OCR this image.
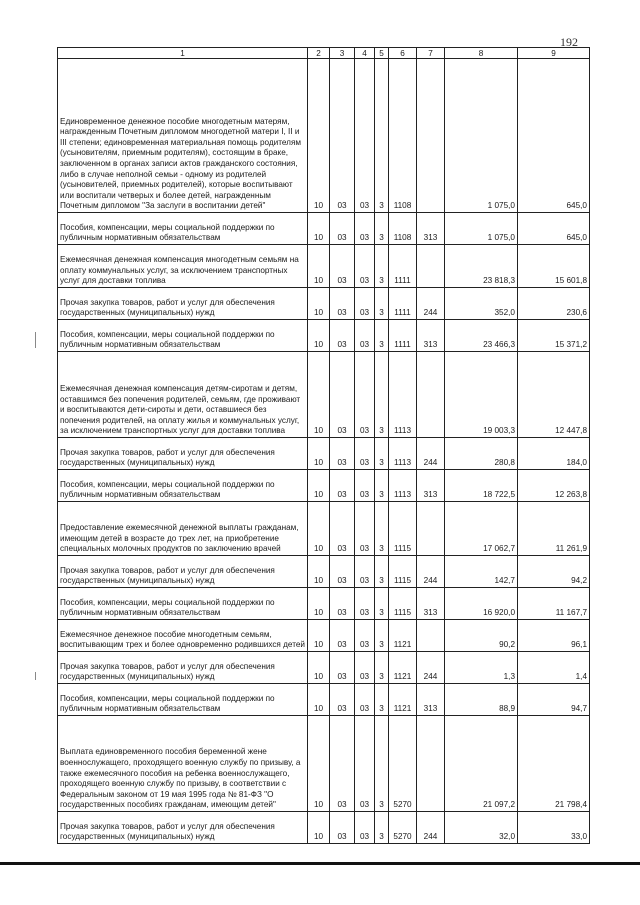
192
1	2	3	4	5	6	7	8	9
Единовременное денежное пособие многодетным матерям, награжденным Почетным дипломом многодетной матери I, II и III степени; единовременная материальная помощь родителям (усыновителям, приемным родителям), состоящим в браке, заключенном в органах записи актов гражданского состояния, либо в случае неполной семьи - одному из родителей (усыновителей, приемных родителей), которые воспитывают или воспитали четверых и более детей, награжденным Почетным дипломом "За заслуги в воспитании детей"	10	03	03	3	1108		1 075,0	645,0
Пособия, компенсации, меры социальной поддержки по публичным нормативным обязательствам	10	03	03	3	1108	313	1 075,0	645,0
Ежемесячная денежная компенсация многодетным семьям на оплату коммунальных услуг, за исключением транспортных услуг для доставки топлива	10	03	03	3	1111		23 818,3	15 601,8
Прочая закупка товаров, работ и услуг для обеспечения государственных (муниципальных) нужд	10	03	03	3	1111	244	352,0	230,6
Пособия, компенсации, меры социальной поддержки по публичным нормативным обязательствам	10	03	03	3	1111	313	23 466,3	15 371,2
Ежемесячная денежная компенсация детям-сиротам и детям, оставшимся без попечения родителей, семьям, где проживают и воспитываются дети-сироты и дети, оставшиеся без попечения родителей, на оплату жилья и коммунальных услуг, за исключением транспортных услуг для доставки топлива	10	03	03	3	1113		19 003,3	12 447,8
Прочая закупка товаров, работ и услуг для обеспечения государственных (муниципальных) нужд	10	03	03	3	1113	244	280,8	184,0
Пособия, компенсации, меры социальной поддержки по публичным нормативным обязательствам	10	03	03	3	1113	313	18 722,5	12 263,8
Предоставление ежемесячной денежной выплаты гражданам, имеющим детей в возрасте до трех лет, на приобретение специальных молочных продуктов по заключению врачей	10	03	03	3	1115		17 062,7	11 261,9
Прочая закупка товаров, работ и услуг для обеспечения государственных (муниципальных) нужд	10	03	03	3	1115	244	142,7	94,2
Пособия, компенсации, меры социальной поддержки по публичным нормативным обязательствам	10	03	03	3	1115	313	16 920,0	11 167,7
Ежемесячное денежное пособие многодетным семьям, воспитывающим трех и более одновременно родившихся детей	10	03	03	3	1121		90,2	96,1
Прочая закупка товаров, работ и услуг для обеспечения государственных (муниципальных) нужд	10	03	03	3	1121	244	1,3	1,4
Пособия, компенсации, меры социальной поддержки по публичным нормативным обязательствам	10	03	03	3	1121	313	88,9	94,7
Выплата единовременного пособия беременной жене военнослужащего, проходящего военную службу по призыву, а также ежемесячного пособия на ребенка военнослужащего, проходящего военную службу по призыву, в соответствии с Федеральным законом от 19 мая 1995 года № 81-ФЗ "О государственных пособиях гражданам, имеющим детей"	10	03	03	3	5270		21 097,2	21 798,4
Прочая закупка товаров, работ и услуг для обеспечения государственных (муниципальных) нужд	10	03	03	3	5270	244	32,0	33,0
